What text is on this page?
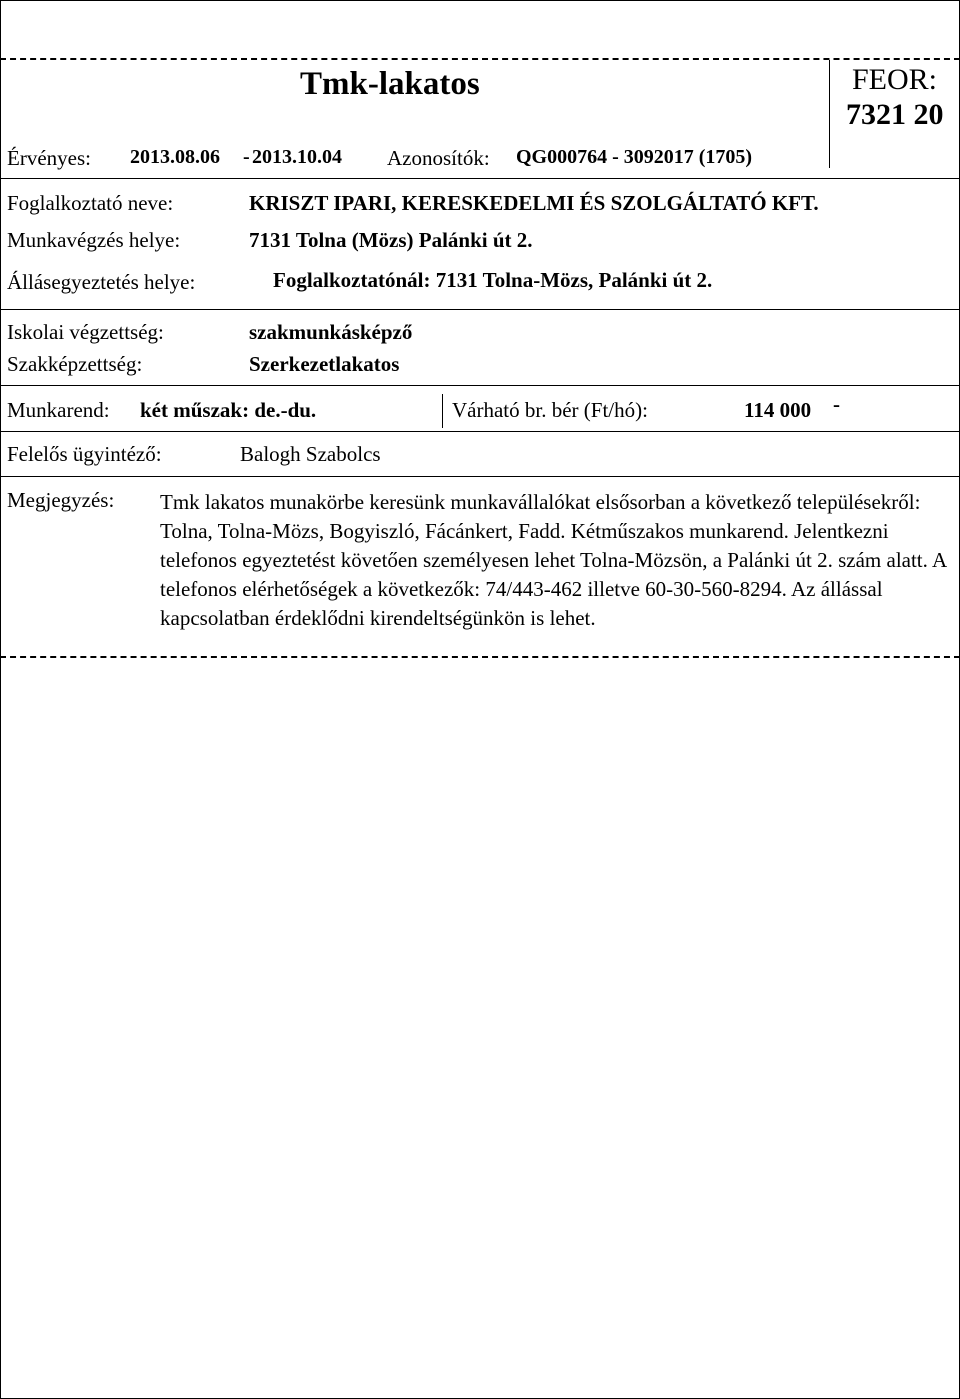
Tmk-lakatos	FEOR:
7321 20
Érvényes: 2013.08.06 - 2013.10.04 Azonosítók: QG000764 - 3092017 (1705)
Foglalkoztató neve:	KRISZT IPARI, KERESKEDELMI ÉS SZOLGÁLTATÓ KFT.
Munkavégzés helye:	7131 Tolna (Mözs) Palánki út 2.
Állásegyeztetés helye:	Foglalkoztatónál: 7131 Tolna-Mözs, Palánki út 2.
Iskolai végzettség:	szakmunkásképző
Szakképzettség:	Szerkezetlakatos
Munkarend: két műszak: de.-du.	Várható br. bér (Ft/hó):	114 000 -
Felelős ügyintéző:	Balogh Szabolcs
Megjegyzés: Tmk lakatos munakörbe keresünk munkavállalókat elsősorban a következő településekről: Tolna, Tolna-Mözs, Bogyiszló, Fácánkert, Fadd. Kétműszakos munkarend. Jelentkezni telefonos egyeztetést követően személyesen lehet Tolna-Mözsön, a Palánki út 2. szám alatt. A telefonos elérhetőségek a következők: 74/443-462 illetve 60-30-560-8294. Az állással kapcsolatban érdeklődni kirendeltségünkön is lehet.
